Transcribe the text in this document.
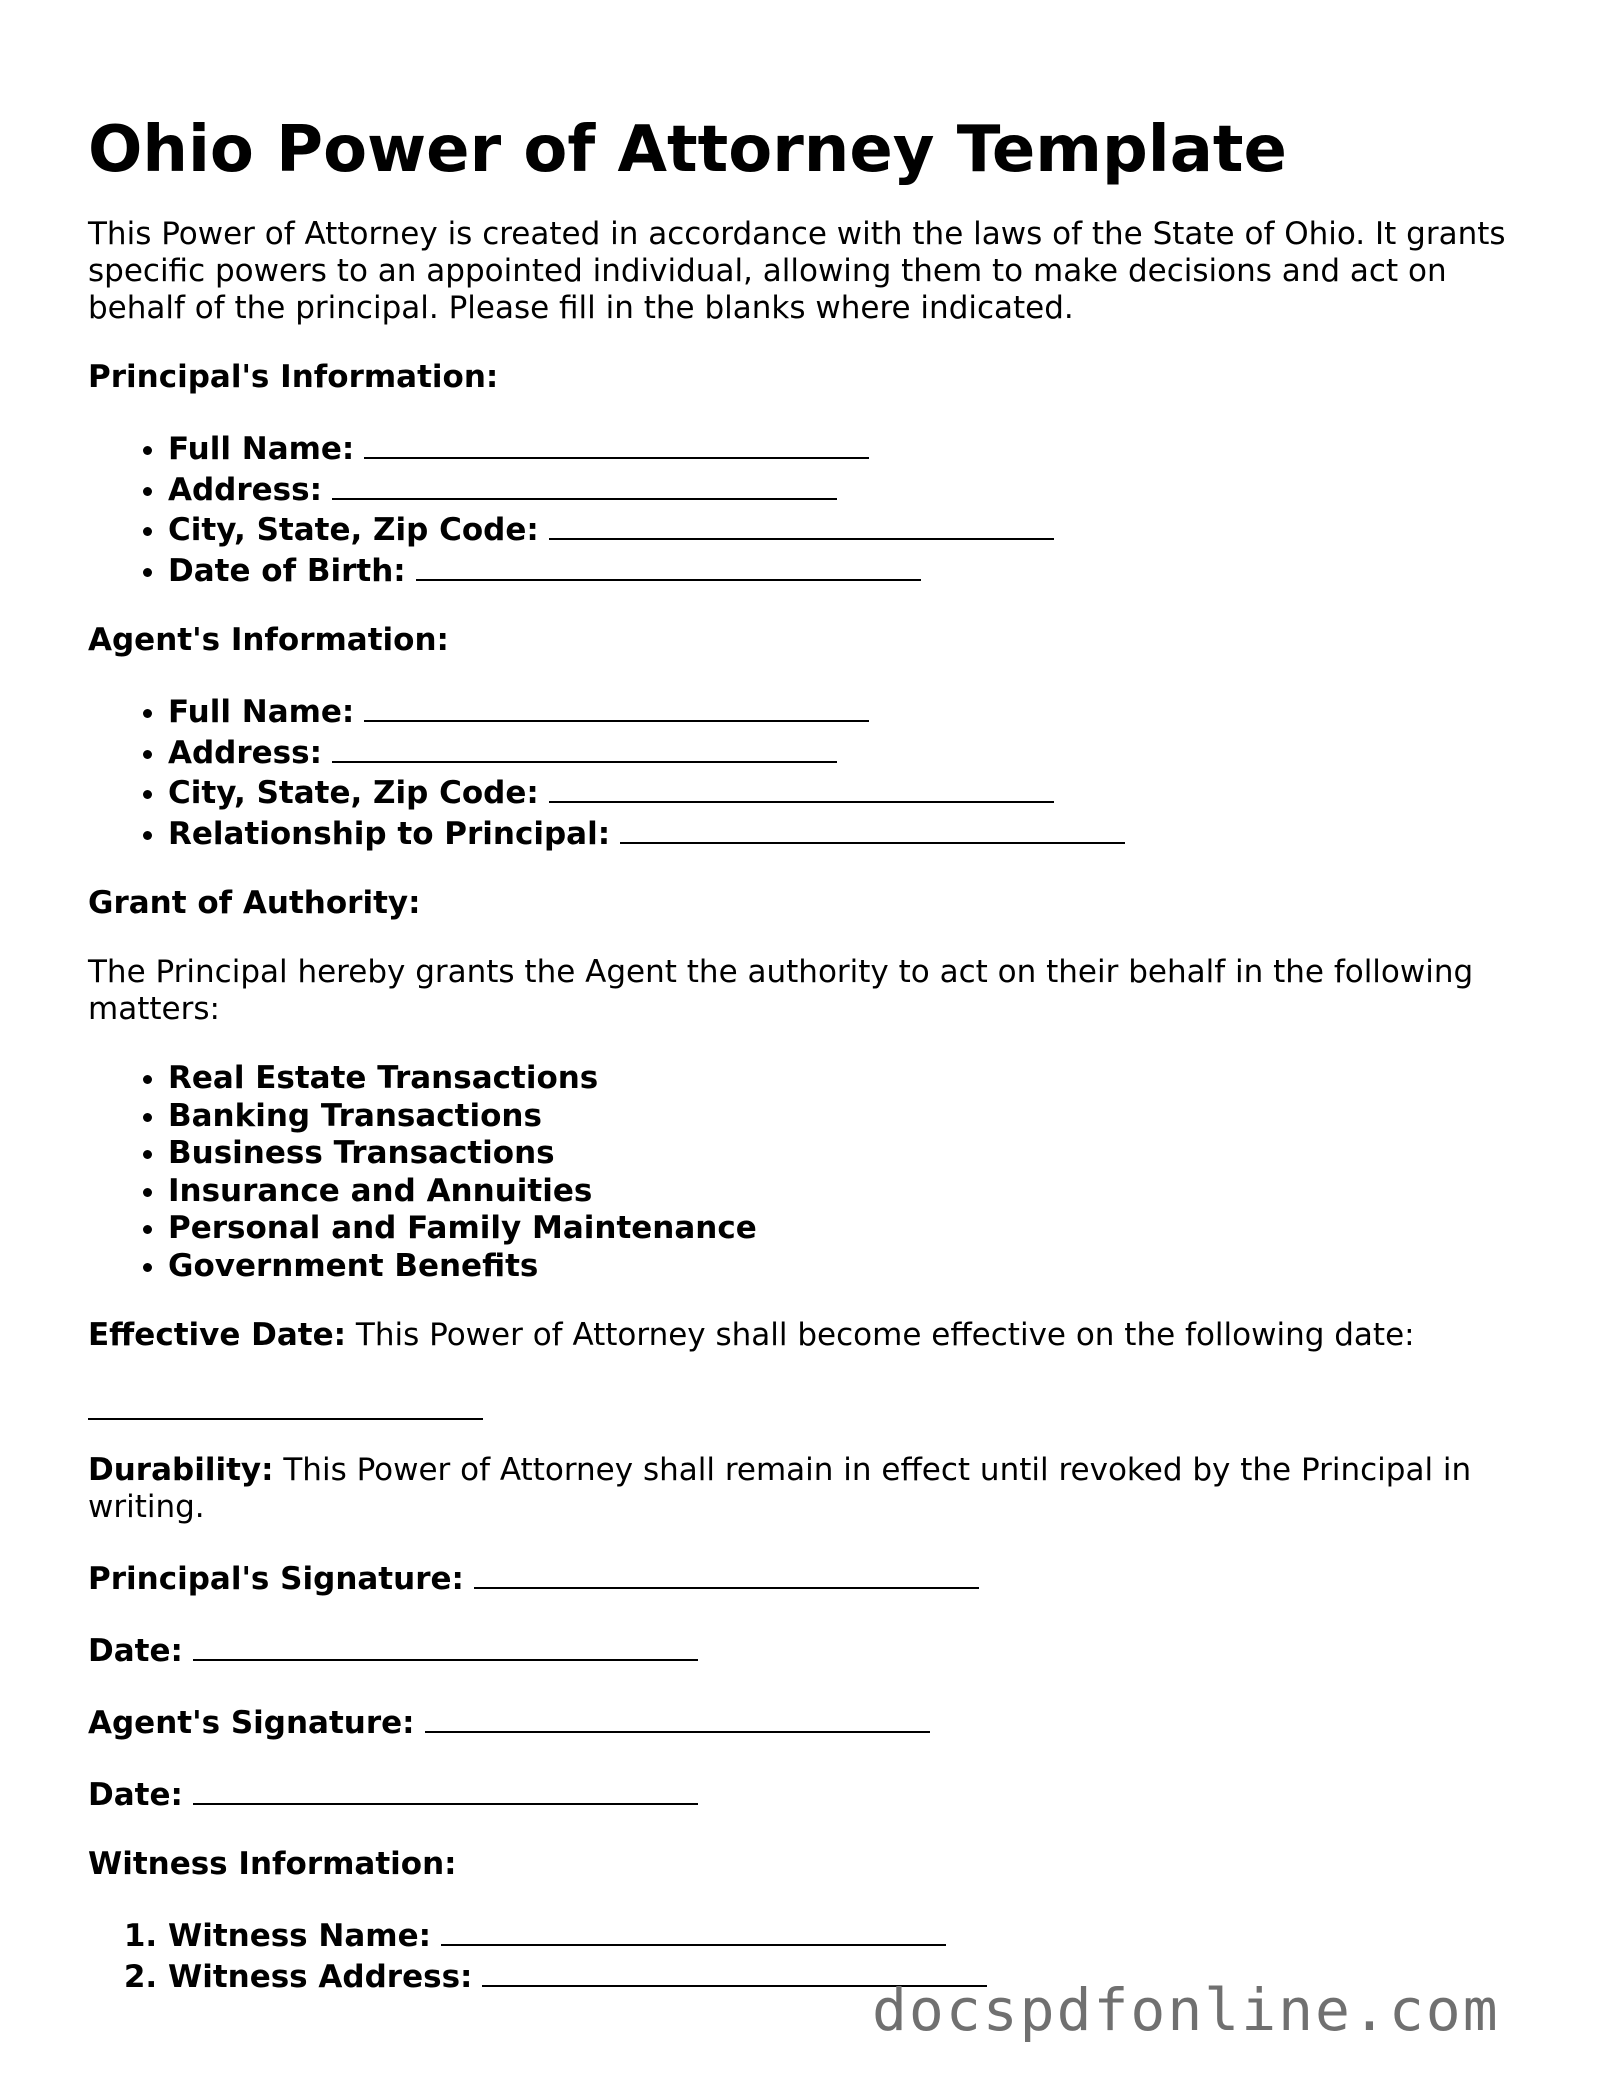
Ohio Power of Attorney Template

This Power of Attorney is created in accordance with the laws of the State of Ohio. It grants specific powers to an appointed individual, allowing them to make decisions and act on behalf of the principal. Please fill in the blanks where indicated.

Principal's Information:
• Full Name:
• Address:
• City, State, Zip Code:
• Date of Birth:
Agent's Information:
• Full Name:
• Address:
• City, State, Zip Code:
• Relationship to Principal:
Grant of Authority:

The Principal hereby grants the Agent the authority to act on their behalf in the following matters:

• Real Estate Transactions
• Banking Transactions
• Business Transactions
• Insurance and Annuities
• Personal and Family Maintenance
• Government Benefits

Effective Date: This Power of Attorney shall become effective on the following date:

Durability: This Power of Attorney shall remain in effect until revoked by the Principal in writing.

Principal's Signature:
Date:
Agent's Signature:
Date:
Witness Information:
1. Witness Name:
2. Witness Address:	docspdfonline.com
